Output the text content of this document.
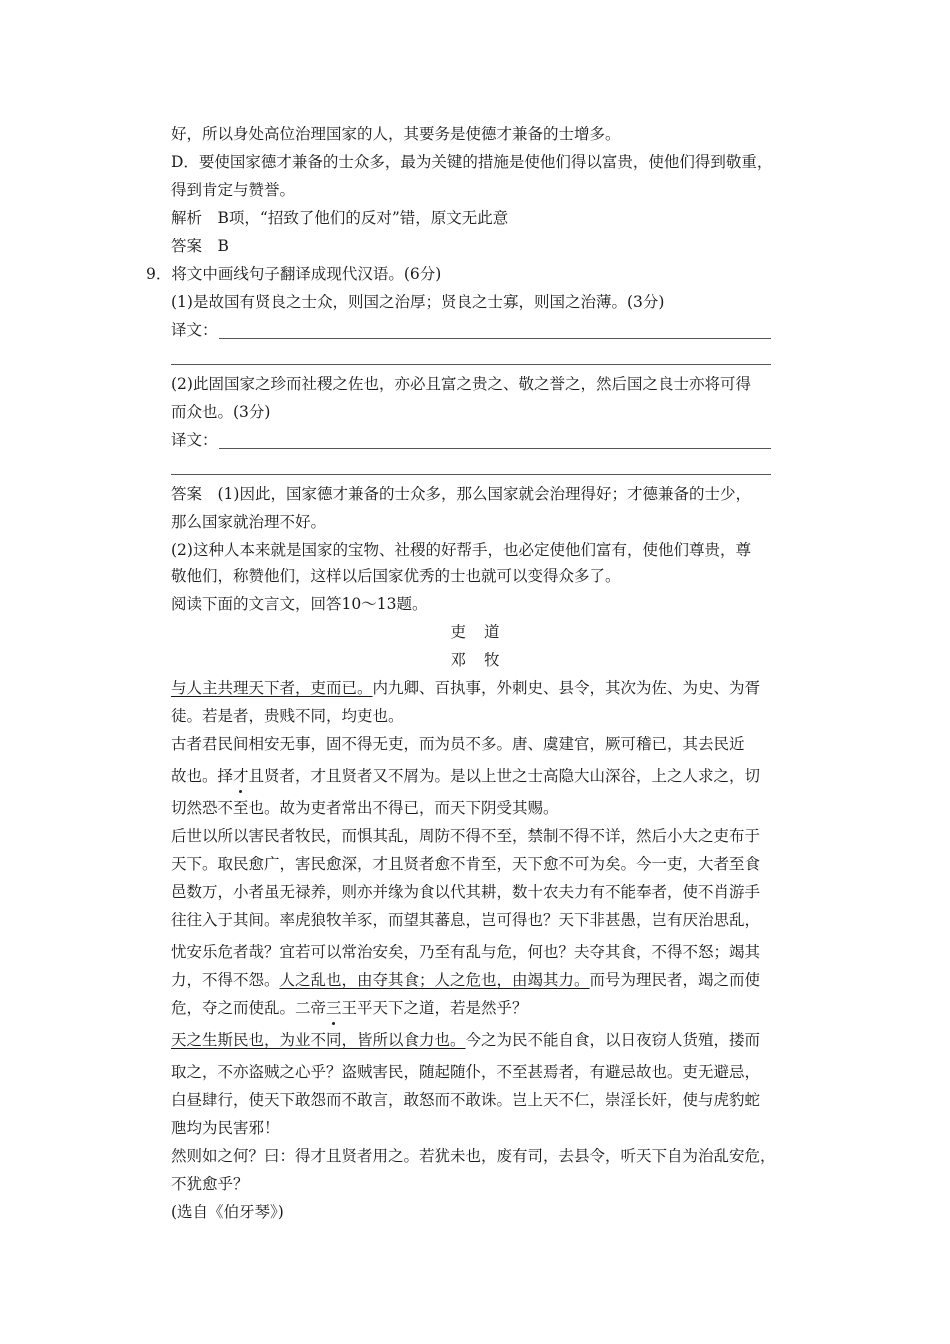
好，所以身处高位治理国家的人，其要务是使德才兼备的士增多。
D．要使国家德才兼备的士众多，最为关键的措施是使他们得以富贵，使他们得到敬重，
得到肯定与赞誉。
解析　B项，“招致了他们的反对”错，原文无此意
答案　B
9．将文中画线句子翻译成现代汉语。(6分)
(1)是故国有贤良之士众，则国之治厚；贤良之士寡，则国之治薄。(3分)
译文：
(2)此固国家之珍而社稷之佐也，亦必且富之贵之、敬之誉之，然后国之良士亦将可得
而众也。(3分)
译文：
答案　(1)因此，国家德才兼备的士众多，那么国家就会治理得好；才德兼备的士少，
那么国家就治理不好。
(2)这种人本来就是国家的宝物、社稷的好帮手，也必定使他们富有，使他们尊贵，尊
敬他们，称赞他们，这样以后国家优秀的士也就可以变得众多了。
阅读下面的文言文，回答10～13题。
吏 道
邓 牧
与人主共理天下者，吏而已。内九卿、百执事，外刺史、县令，其次为佐、为史、为胥
徒。若是者，贵贱不同，均吏也。
古者君民间相安无事，固不得无吏，而为员不多。唐、虞建官，厥可稽已，其去民近
故也。择才且贤者，才且贤者又不屑为。是以上世之士高隐大山深谷，上之人求之，切
切然恐不至也。故为吏者常出不得已，而天下阴受其赐。
后世以所以害民者牧民，而惧其乱，周防不得不至，禁制不得不详，然后小大之吏布于
天下。取民愈广，害民愈深，才且贤者愈不肯至，天下愈不可为矣。今一吏，大者至食
邑数万，小者虽无禄养，则亦并缘为食以代其耕，数十农夫力有不能奉者，使不肖游手
往往入于其间。率虎狼牧羊豕，而望其蕃息，岂可得也？天下非甚愚，岂有厌治思乱，
忧安乐危者哉？宜若可以常治安矣，乃至有乱与危，何也？夫夺其食，不得不怒；竭其
力，不得不怨。人之乱也，由夺其食；人之危也，由竭其力。而号为理民者，竭之而使
危，夺之而使乱。二帝三王平天下之道，若是然乎？
天之生斯民也，为业不同，皆所以食力也。今之为民不能自食，以日夜窃人货殖，搂而
取之，不亦盗贼之心乎？盗贼害民，随起随仆，不至甚焉者，有避忌故也。吏无避忌，
白昼肆行，使天下敢怨而不敢言，敢怒而不敢诛。岂上天不仁，崇淫长奸，使与虎豹蛇
虺均为民害邪！
然则如之何？曰：得才且贤者用之。若犹未也，废有司，去县令，听天下自为治乱安危，
不犹愈乎？
(选自《伯牙琴》)
